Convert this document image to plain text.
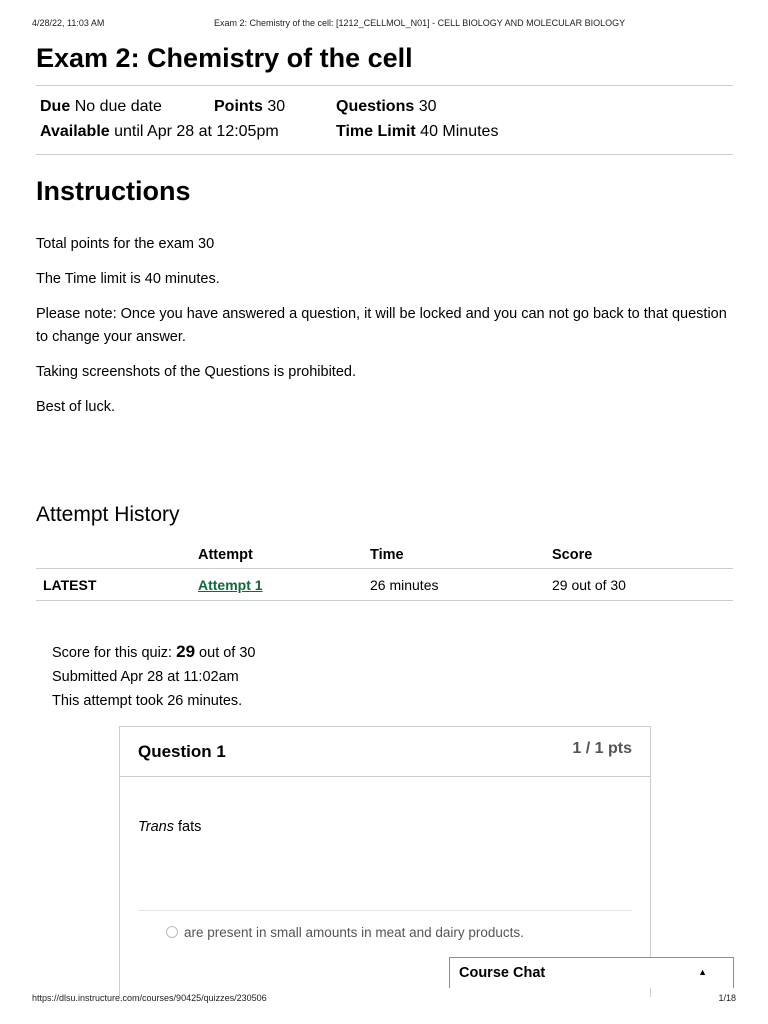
4/28/22, 11:03 AM	Exam 2: Chemistry of the cell: [1212_CELLMOL_N01] - CELL BIOLOGY AND MOLECULAR BIOLOGY
Exam 2: Chemistry of the cell
Due No due date	Points 30	Questions 30
Available until Apr 28 at 12:05pm	Time Limit 40 Minutes
Instructions

Total points for the exam 30

The Time limit is 40 minutes.

Please note: Once you have answered a question, it will be locked and you can not go back to that question to change your answer.

Taking screenshots of the Questions is prohibited.

Best of luck.

Attempt History
	Attempt	Time	Score
LATEST	Attempt 1	26 minutes	29 out of 30
Score for this quiz: 29 out of 30
Submitted Apr 28 at 11:02am
This attempt took 26 minutes.
Question 1	1 / 1 pts
Trans fats
are present in small amounts in meat and dairy products.
Course Chat	▲
https://dlsu.instructure.com/courses/90425/quizzes/230506	1/18
